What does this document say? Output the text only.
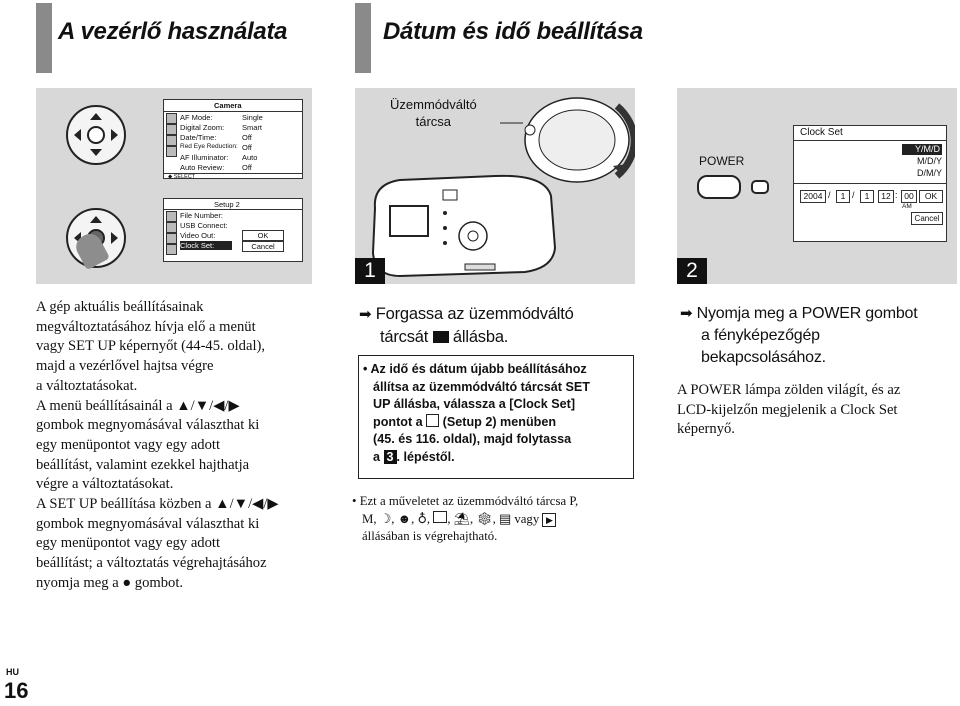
A vezérlő használata	Dátum és idő beállítása
Camera
AF Mode:	Single
Digital Zoom: Smart
Date/Time:	Off
Red Eye Reduction: Off
AF Illuminator: Auto
Auto Review: Off
◆ SELECT
Setup 2
File Number:
USB Connect:
Video Out:
Clock Set:
OK
Cancel
Üzemmódváltó
tárcsa
1
POWER
Clock Set
Y/M/D
M/D/Y
D/M/Y
2004 /	1 /	1	12 : 00	OK
AM
Cancel
2
A gép aktuális beállításainak
megváltoztatásához hívja elő a menüt
vagy SET UP képernyőt (44-45. oldal),
majd a vezérlővel hajtsa végre
a változtatásokat.
A menü beállításainál a ▲/▼/◀/▶
gombok megnyomásával választhat ki
egy menüpontot vagy egy adott
beállítást, valamint ezekkel hajthatja
végre a változtatásokat.
A SET UP beállítása közben a ▲/▼/◀/▶
gombok megnyomásával választhat ki
egy menüpontot vagy egy adott
beállítást; a változtatás végrehajtásához
nyomja meg a ● gombot.
➡ Forgassa az üzemmódváltó
tárcsát állásba.
• Az idő és dátum újabb beállításához
állítsa az üzemmódváltó tárcsát SET
UP állásba, válassza a [Clock Set]
pontot a (Setup 2) menüben
(45. és 116. oldal), majd folytassa
a 3 . lépéstől.
• Ezt a műveletet az üzemmódváltó tárcsa P,
M, ☽, ☻, ♁, , ⛱, ❄, ▤ vagy ▶
állásában is végrehajtható.
➡ Nyomja meg a POWER gombot
a fényképezőgép
bekapcsolásához.
A POWER lámpa zölden világít, és az
LCD-kijelzőn megjelenik a Clock Set
képernyő.
HU
16
